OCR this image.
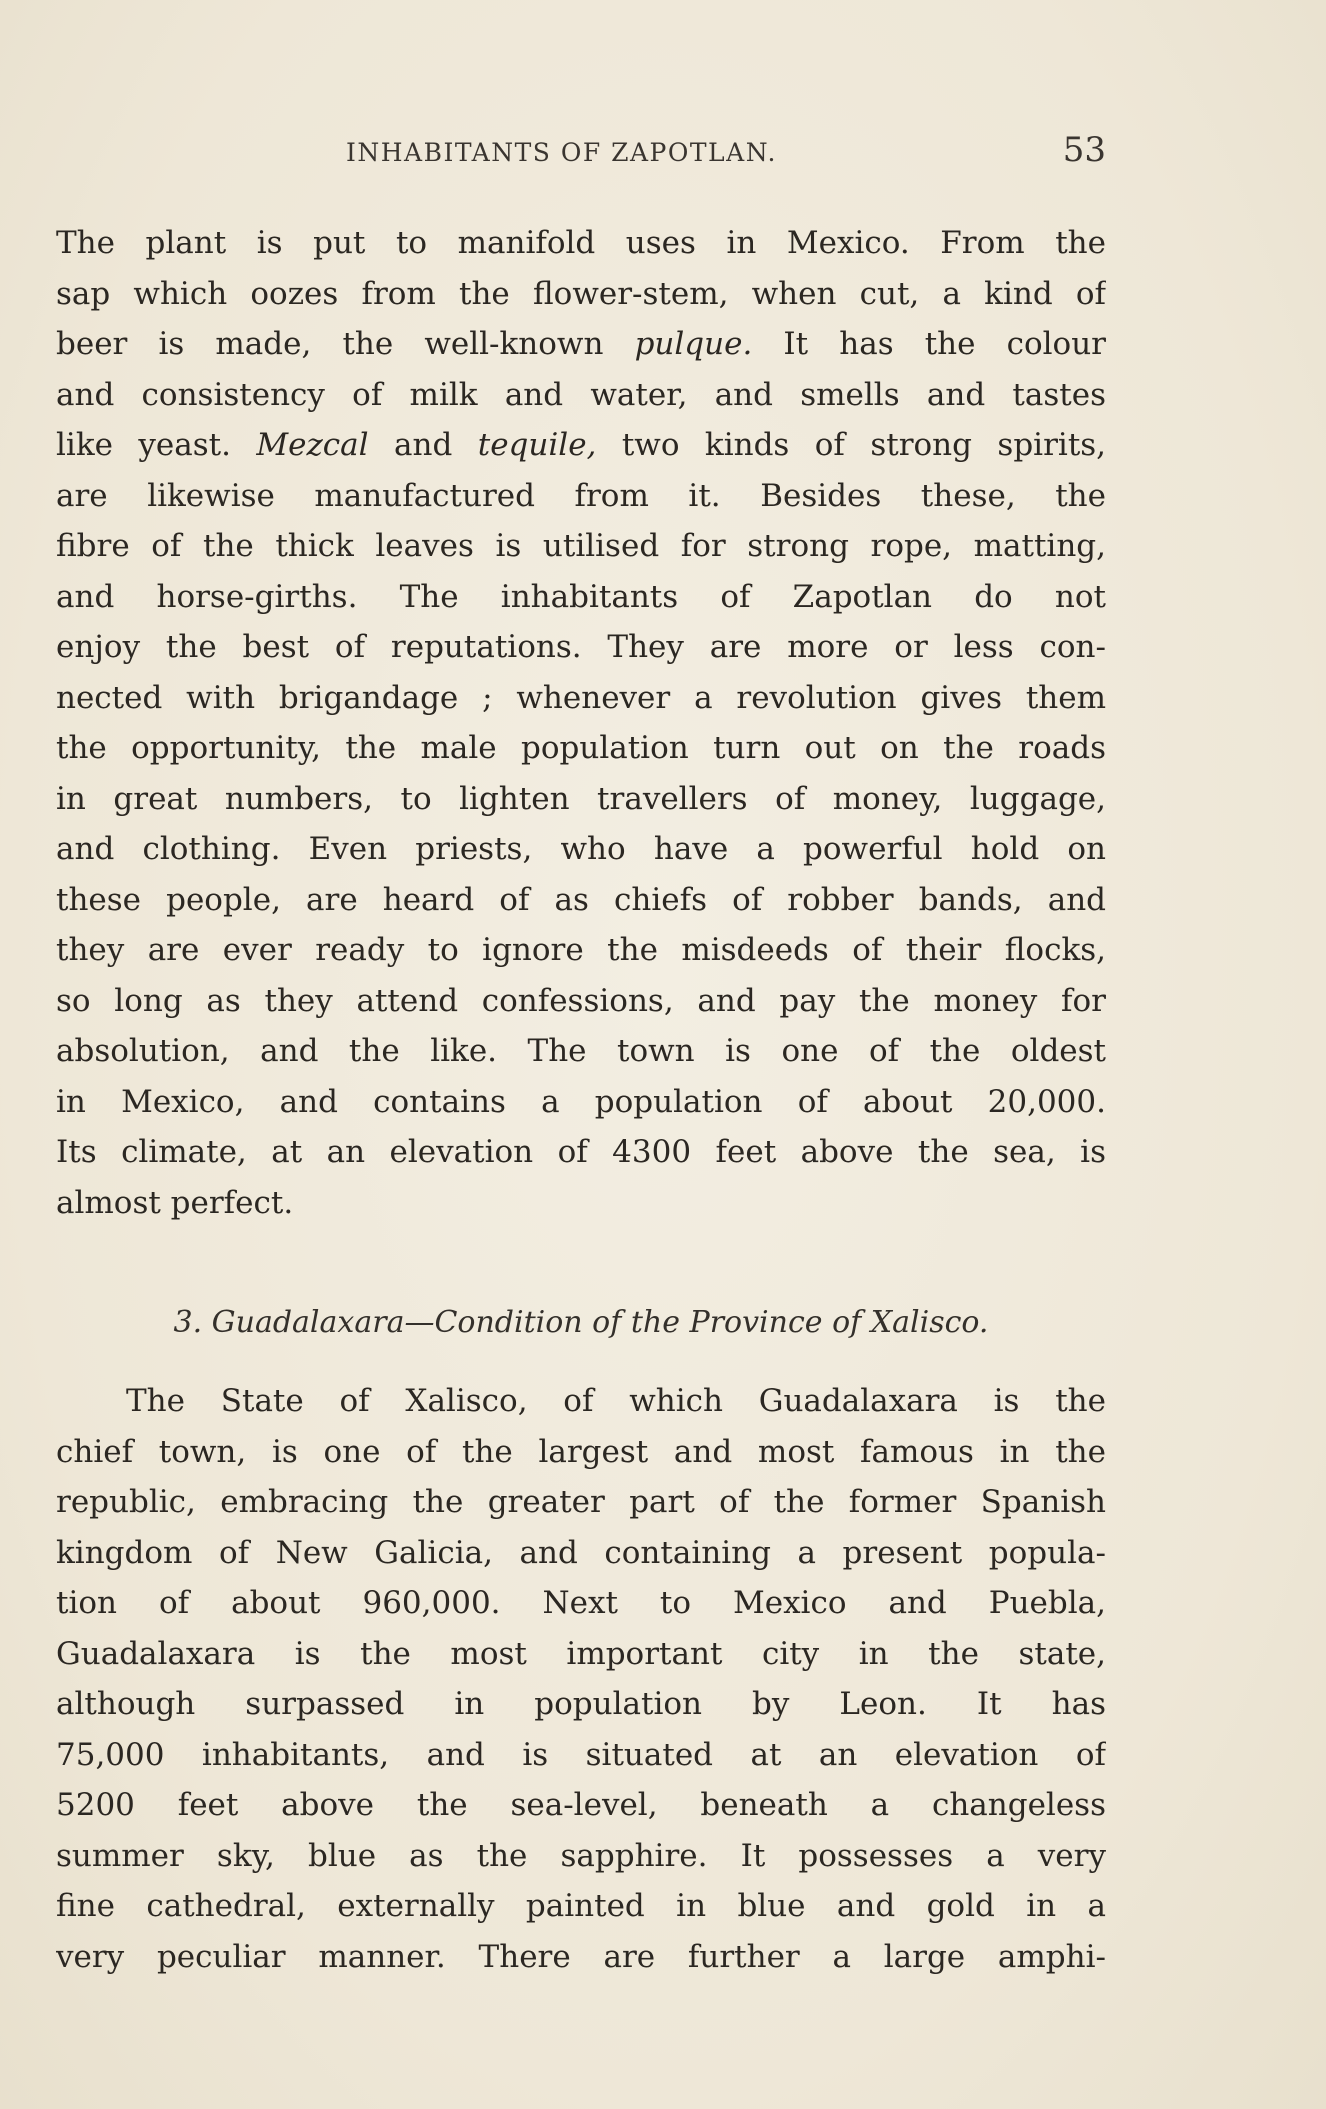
INHABITANTS OF ZAPOTLAN.	53
The plant is put to manifold uses in Mexico. From the
sap which oozes from the flower-stem, when cut, a kind of
beer is made, the well-known pulque. It has the colour
and consistency of milk and water, and smells and tastes
like yeast. Mezcal and tequile, two kinds of strong spirits,
are likewise manufactured from it. Besides these, the
fibre of the thick leaves is utilised for strong rope, matting,
and horse-girths. The inhabitants of Zapotlan do not
enjoy the best of reputations. They are more or less con-
nected with brigandage ; whenever a revolution gives them
the opportunity, the male population turn out on the roads
in great numbers, to lighten travellers of money, luggage,
and clothing. Even priests, who have a powerful hold on
these people, are heard of as chiefs of robber bands, and
they are ever ready to ignore the misdeeds of their flocks,
so long as they attend confessions, and pay the money for
absolution, and the like. The town is one of the oldest
in Mexico, and contains a population of about 20,000.
Its climate, at an elevation of 4300 feet above the sea, is
almost perfect.
3. Guadalaxara—Condition of the Province of Xalisco.
The State of Xalisco, of which Guadalaxara is the
chief town, is one of the largest and most famous in the
republic, embracing the greater part of the former Spanish
kingdom of New Galicia, and containing a present popula-
tion of about 960,000. Next to Mexico and Puebla,
Guadalaxara is the most important city in the state,
although surpassed in population by Leon. It has
75,000 inhabitants, and is situated at an elevation of
5200 feet above the sea-level, beneath a changeless
summer sky, blue as the sapphire. It possesses a very
fine cathedral, externally painted in blue and gold in a
very peculiar manner. There are further a large amphi-
